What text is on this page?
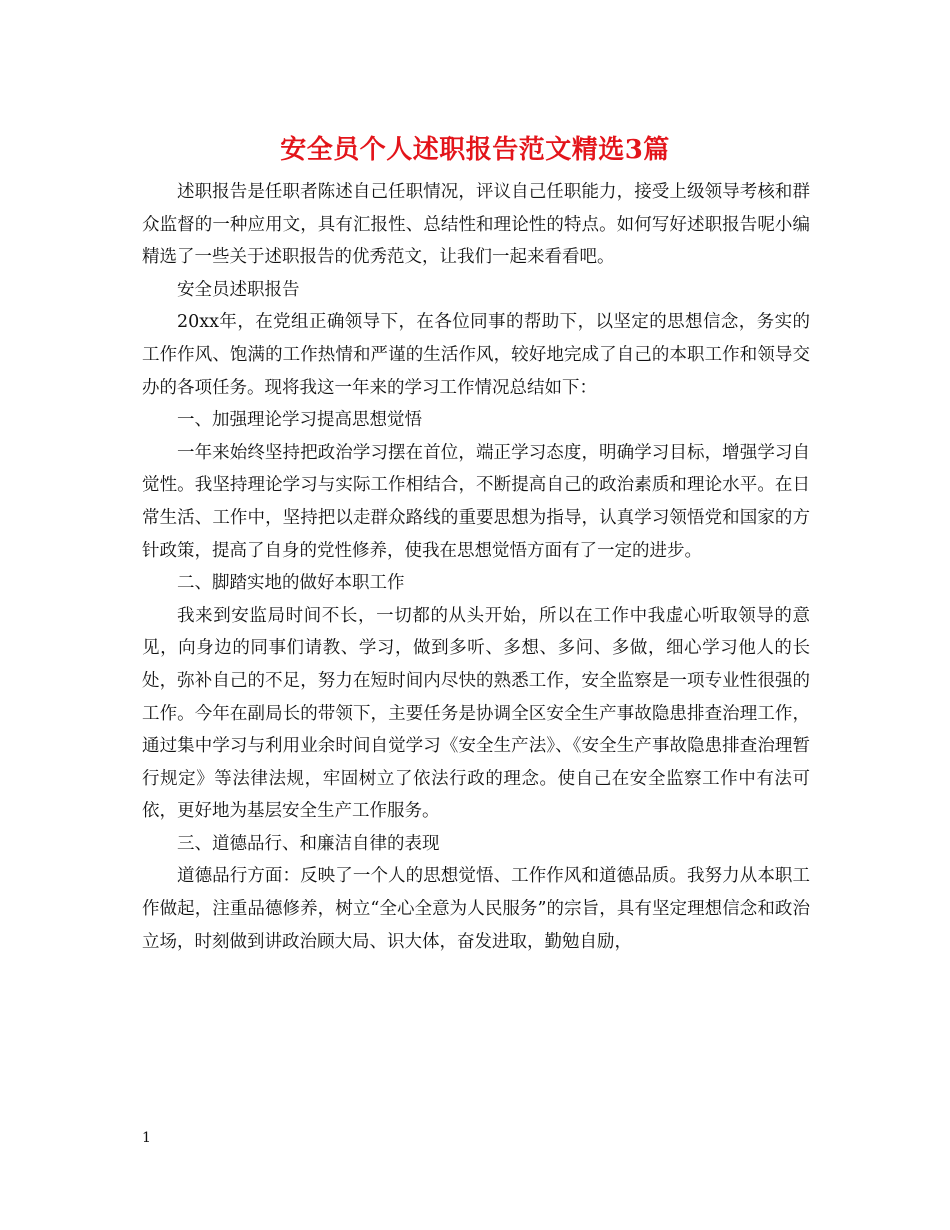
安全员个人述职报告范文精选3篇

述职报告是任职者陈述自己任职情况，评议自己任职能力，接受上级领导考核和群众监督的一种应用文，具有汇报性、总结性和理论性的特点。如何写好述职报告呢小编精选了一些关于述职报告的优秀范文，让我们一起来看看吧。

安全员述职报告

20xx年，在党组正确领导下，在各位同事的帮助下，以坚定的思想信念，务实的工作作风、饱满的工作热情和严谨的生活作风，较好地完成了自己的本职工作和领导交办的各项任务。现将我这一年来的学习工作情况总结如下：

一、加强理论学习提高思想觉悟

一年来始终坚持把政治学习摆在首位，端正学习态度，明确学习目标，增强学习自觉性。我坚持理论学习与实际工作相结合，不断提高自己的政治素质和理论水平。在日常生活、工作中，坚持把以走群众路线的重要思想为指导，认真学习领悟党和国家的方针政策，提高了自身的党性修养，使我在思想觉悟方面有了一定的进步。

二、脚踏实地的做好本职工作

我来到安监局时间不长，一切都的从头开始，所以在工作中我虚心听取领导的意见，向身边的同事们请教、学习，做到多听、多想、多问、多做，细心学习他人的长处，弥补自己的不足，努力在短时间内尽快的熟悉工作，安全监察是一项专业性很强的工作。今年在副局长的带领下，主要任务是协调全区安全生产事故隐患排查治理工作，通过集中学习与利用业余时间自觉学习《安全生产法》、《安全生产事故隐患排查治理暂行规定》等法律法规，牢固树立了依法行政的理念。使自己在安全监察工作中有法可依，更好地为基层安全生产工作服务。

三、道德品行、和廉洁自律的表现

道德品行方面：反映了一个人的思想觉悟、工作作风和道德品质。我努力从本职工作做起，注重品德修养，树立“全心全意为人民服务”的宗旨，具有坚定理想信念和政治立场，时刻做到讲政治顾大局、识大体，奋发进取，勤勉自励，

1
